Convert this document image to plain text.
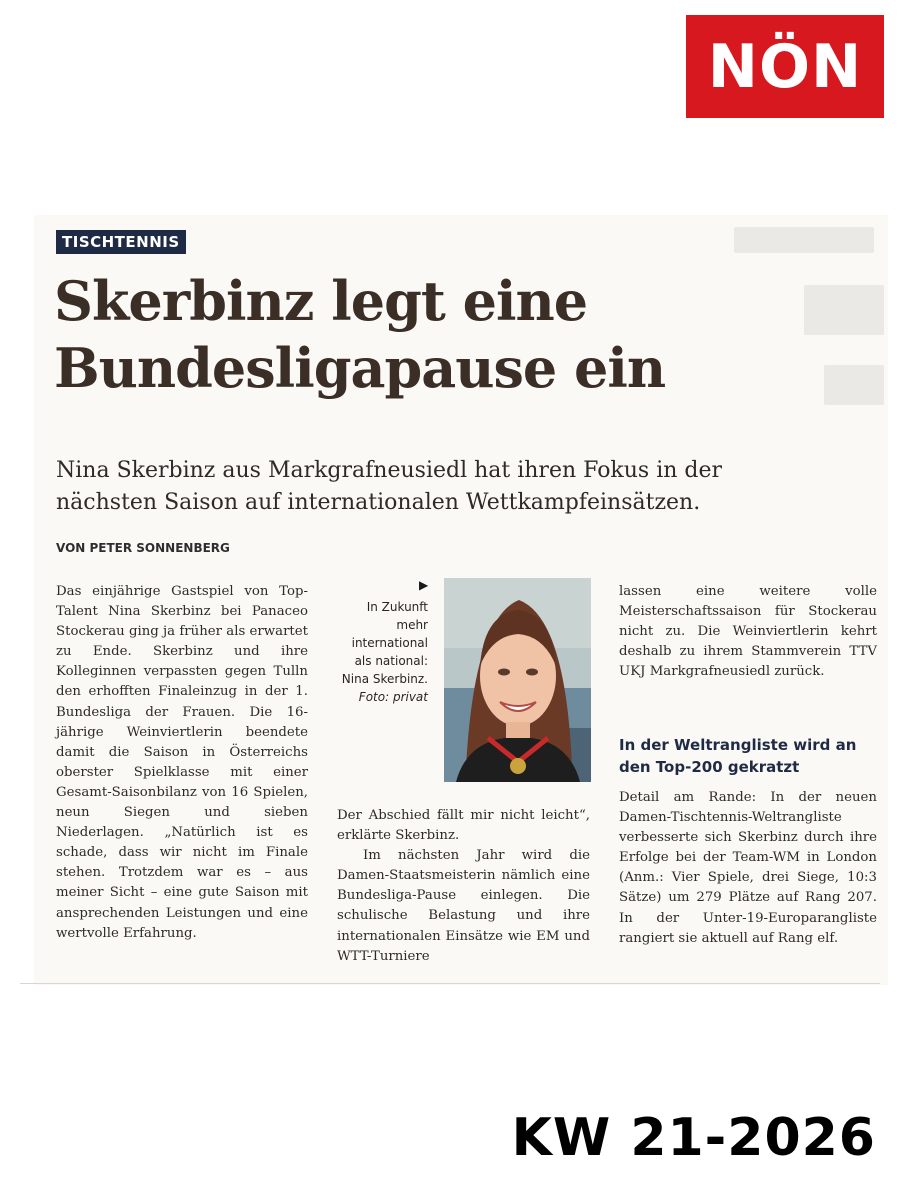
NÖN
TISCHTENNIS
Skerbinz legt eine Bundesligapause ein

Nina Skerbinz aus Markgrafneusiedl hat ihren Fokus in der nächsten Saison auf internationalen Wettkampfeinsätzen.

VON PETER SONNENBERG

Das einjährige Gastspiel von Top-Talent Nina Skerbinz bei Panaceo Stockerau ging ja früher als erwartet zu Ende. Skerbinz und ihre Kolleginnen verpassten gegen Tulln den erhofften Finaleinzug in der 1. Bundesliga der Frauen. Die 16-jährige Weinviertlerin beendete damit die Saison in Österreichs oberster Spielklasse mit einer Gesamt-Saisonbilanz von 16 Spielen, neun Siegen und sieben Niederlagen. „Natürlich ist es schade, dass wir nicht im Finale stehen. Trotzdem war es – aus meiner Sicht – eine gute Saison mit ansprechenden Leistungen und eine wertvolle Erfahrung.

▶

In Zukunft mehr international als national: Nina Skerbinz.
Foto: privat

Der Abschied fällt mir nicht leicht“, erklärte Skerbinz.

Im nächsten Jahr wird die Damen-Staatsmeisterin nämlich eine Bundesliga-Pause einlegen. Die schulische Belastung und ihre internationalen Einsätze wie EM und WTT-Turniere

lassen eine weitere volle Meisterschaftssaison für Stockerau nicht zu. Die Weinviertlerin kehrt deshalb zu ihrem Stammverein TTV UKJ Markgrafneusiedl zurück.

In der Weltrangliste wird an den Top-200 gekratzt

Detail am Rande: In der neuen Damen-Tischtennis-Weltrangliste verbesserte sich Skerbinz durch ihre Erfolge bei der Team-WM in London (Anm.: Vier Spiele, drei Siege, 10:3 Sätze) um 279 Plätze auf Rang 207. In der Unter-19-Europarangliste rangiert sie aktuell auf Rang elf.

KW 21-2026
